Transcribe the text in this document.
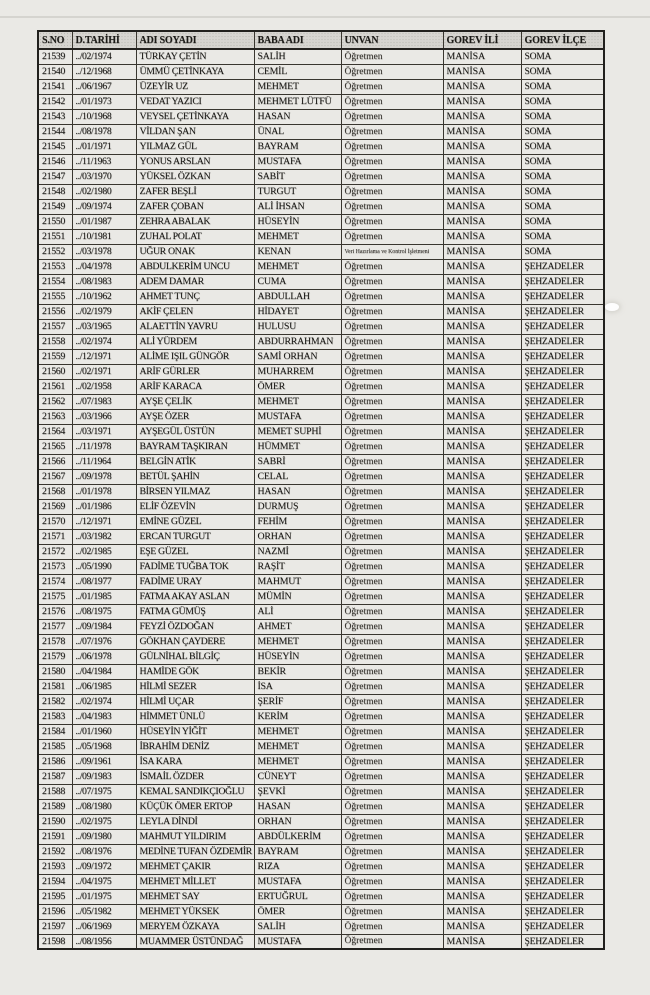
S.NO	D.TARİHİ	ADI SOYADI	BABA ADI	UNVAN	GOREV İLİ	GOREV İLÇE
21539	../02/1974	TÜRKAY ÇETİN	SALİH	Öğretmen	MANİSA	SOMA
21540	../12/1968	ÜMMÜ ÇETİNKAYA	CEMİL	Öğretmen	MANİSA	SOMA
21541	../06/1967	ÜZEYİR UZ	MEHMET	Öğretmen	MANİSA	SOMA
21542	../01/1973	VEDAT YAZICI	MEHMET LÜTFÜ	Öğretmen	MANİSA	SOMA
21543	../10/1968	VEYSEL ÇETİNKAYA	HASAN	Öğretmen	MANİSA	SOMA
21544	../08/1978	VİLDAN ŞAN	ÜNAL	Öğretmen	MANİSA	SOMA
21545	../01/1971	YILMAZ GÜL	BAYRAM	Öğretmen	MANİSA	SOMA
21546	../11/1963	YONUS ARSLAN	MUSTAFA	Öğretmen	MANİSA	SOMA
21547	../03/1970	YÜKSEL ÖZKAN	SABİT	Öğretmen	MANİSA	SOMA
21548	../02/1980	ZAFER BEŞLİ	TURGUT	Öğretmen	MANİSA	SOMA
21549	../09/1974	ZAFER ÇOBAN	ALİ İHSAN	Öğretmen	MANİSA	SOMA
21550	../01/1987	ZEHRA ABALAK	HÜSEYİN	Öğretmen	MANİSA	SOMA
21551	../10/1981	ZUHAL POLAT	MEHMET	Öğretmen	MANİSA	SOMA
21552	../03/1978	UĞUR ONAK	KENAN	Veri Hazırlama ve Kontrol İşletmeni	MANİSA	SOMA
21553	../04/1978	ABDULKERİM UNCU	MEHMET	Öğretmen	MANİSA	ŞEHZADELER
21554	../08/1983	ADEM DAMAR	CUMA	Öğretmen	MANİSA	ŞEHZADELER
21555	../10/1962	AHMET TUNÇ	ABDULLAH	Öğretmen	MANİSA	ŞEHZADELER
21556	../02/1979	AKİF ÇELEN	HİDAYET	Öğretmen	MANİSA	ŞEHZADELER
21557	../03/1965	ALAETTİN YAVRU	HULUSU	Öğretmen	MANİSA	ŞEHZADELER
21558	../02/1974	ALİ YÜRDEM	ABDURRAHMAN	Öğretmen	MANİSA	ŞEHZADELER
21559	../12/1971	ALİME IŞIL GÜNGÖR	SAMİ ORHAN	Öğretmen	MANİSA	ŞEHZADELER
21560	../02/1971	ARİF GÜRLER	MUHARREM	Öğretmen	MANİSA	ŞEHZADELER
21561	../02/1958	ARİF KARACA	ÖMER	Öğretmen	MANİSA	ŞEHZADELER
21562	../07/1983	AYŞE ÇELİK	MEHMET	Öğretmen	MANİSA	ŞEHZADELER
21563	../03/1966	AYŞE ÖZER	MUSTAFA	Öğretmen	MANİSA	ŞEHZADELER
21564	../03/1971	AYŞEGÜL ÜSTÜN	MEMET SUPHİ	Öğretmen	MANİSA	ŞEHZADELER
21565	../11/1978	BAYRAM TAŞKIRAN	HÜMMET	Öğretmen	MANİSA	ŞEHZADELER
21566	../11/1964	BELGİN ATİK	SABRİ	Öğretmen	MANİSA	ŞEHZADELER
21567	../09/1978	BETÜL ŞAHİN	CELAL	Öğretmen	MANİSA	ŞEHZADELER
21568	../01/1978	BİRSEN YILMAZ	HASAN	Öğretmen	MANİSA	ŞEHZADELER
21569	../01/1986	ELİF ÖZEVİN	DURMUŞ	Öğretmen	MANİSA	ŞEHZADELER
21570	../12/1971	EMİNE GÜZEL	FEHİM	Öğretmen	MANİSA	ŞEHZADELER
21571	../03/1982	ERCAN TURGUT	ORHAN	Öğretmen	MANİSA	ŞEHZADELER
21572	../02/1985	EŞE GÜZEL	NAZMİ	Öğretmen	MANİSA	ŞEHZADELER
21573	../05/1990	FADİME TUĞBA TOK	RAŞİT	Öğretmen	MANİSA	ŞEHZADELER
21574	../08/1977	FADİME URAY	MAHMUT	Öğretmen	MANİSA	ŞEHZADELER
21575	../01/1985	FATMA AKAY ASLAN	MÜMİN	Öğretmen	MANİSA	ŞEHZADELER
21576	../08/1975	FATMA GÜMÜŞ	ALİ	Öğretmen	MANİSA	ŞEHZADELER
21577	../09/1984	FEYZİ ÖZDOĞAN	AHMET	Öğretmen	MANİSA	ŞEHZADELER
21578	../07/1976	GÖKHAN ÇAYDERE	MEHMET	Öğretmen	MANİSA	ŞEHZADELER
21579	../06/1978	GÜLNİHAL BİLGİÇ	HÜSEYİN	Öğretmen	MANİSA	ŞEHZADELER
21580	../04/1984	HAMİDE GÖK	BEKİR	Öğretmen	MANİSA	ŞEHZADELER
21581	../06/1985	HİLMİ SEZER	İSA	Öğretmen	MANİSA	ŞEHZADELER
21582	../02/1974	HİLMİ UÇAR	ŞERİF	Öğretmen	MANİSA	ŞEHZADELER
21583	../04/1983	HİMMET ÜNLÜ	KERİM	Öğretmen	MANİSA	ŞEHZADELER
21584	../01/1960	HÜSEYİN YİĞİT	MEHMET	Öğretmen	MANİSA	ŞEHZADELER
21585	../05/1968	İBRAHİM DENİZ	MEHMET	Öğretmen	MANİSA	ŞEHZADELER
21586	../09/1961	İSA KARA	MEHMET	Öğretmen	MANİSA	ŞEHZADELER
21587	../09/1983	İSMAİL ÖZDER	CÜNEYT	Öğretmen	MANİSA	ŞEHZADELER
21588	../07/1975	KEMAL SANDIKÇIOĞLU	ŞEVKİ	Öğretmen	MANİSA	ŞEHZADELER
21589	../08/1980	KÜÇÜK ÖMER ERTOP	HASAN	Öğretmen	MANİSA	ŞEHZADELER
21590	../02/1975	LEYLA DİNDİ	ORHAN	Öğretmen	MANİSA	ŞEHZADELER
21591	../09/1980	MAHMUT YILDIRIM	ABDÜLKERİM	Öğretmen	MANİSA	ŞEHZADELER
21592	../08/1976	MEDİNE TUFAN ÖZDEMİR	BAYRAM	Öğretmen	MANİSA	ŞEHZADELER
21593	../09/1972	MEHMET ÇAKIR	RIZA	Öğretmen	MANİSA	ŞEHZADELER
21594	../04/1975	MEHMET MİLLET	MUSTAFA	Öğretmen	MANİSA	ŞEHZADELER
21595	../01/1975	MEHMET SAY	ERTUĞRUL	Öğretmen	MANİSA	ŞEHZADELER
21596	../05/1982	MEHMET YÜKSEK	ÖMER	Öğretmen	MANİSA	ŞEHZADELER
21597	../06/1969	MERYEM ÖZKAYA	SALİH	Öğretmen	MANİSA	ŞEHZADELER
21598	../08/1956	MUAMMER ÜSTÜNDAĞ	MUSTAFA	Öğretmen	MANİSA	ŞEHZADELER
